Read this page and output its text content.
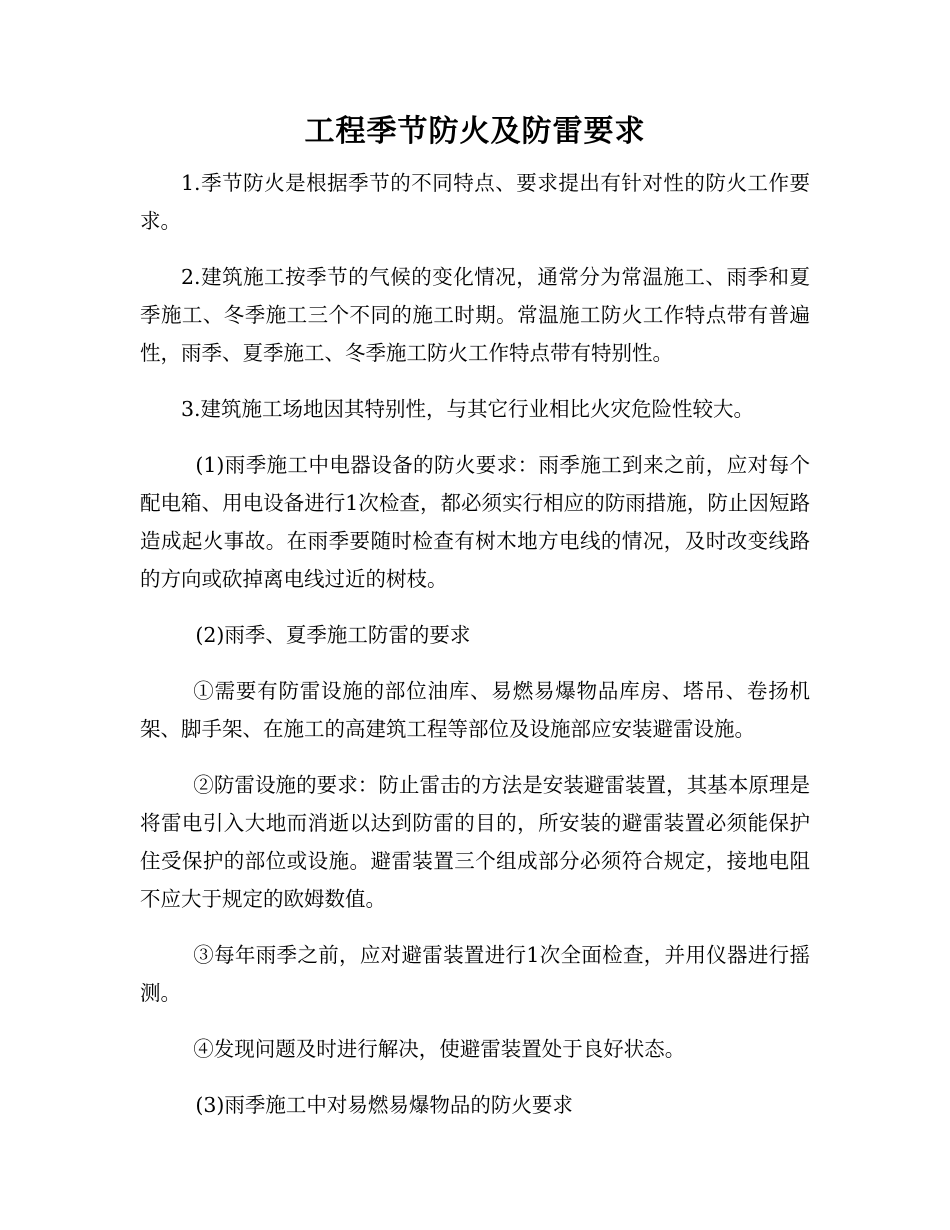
工程季节防火及防雷要求

1.季节防火是根据季节的不同特点、要求提出有针对性的防火工作要求。

2.建筑施工按季节的气候的变化情况，通常分为常温施工、雨季和夏季施工、冬季施工三个不同的施工时期。常温施工防火工作特点带有普遍性，雨季、夏季施工、冬季施工防火工作特点带有特别性。

3.建筑施工场地因其特别性，与其它行业相比火灾危险性较大。

(1)雨季施工中电器设备的防火要求：雨季施工到来之前，应对每个配电箱、用电设备进行1次检查，都必须实行相应的防雨措施，防止因短路造成起火事故。在雨季要随时检查有树木地方电线的情况，及时改变线路的方向或砍掉离电线过近的树枝。

(2)雨季、夏季施工防雷的要求

①需要有防雷设施的部位油库、易燃易爆物品库房、塔吊、卷扬机架、脚手架、在施工的高建筑工程等部位及设施部应安装避雷设施。

②防雷设施的要求：防止雷击的方法是安装避雷装置，其基本原理是将雷电引入大地而消逝以达到防雷的目的，所安装的避雷装置必须能保护住受保护的部位或设施。避雷装置三个组成部分必须符合规定，接地电阻不应大于规定的欧姆数值。

③每年雨季之前，应对避雷装置进行1次全面检查，并用仪器进行摇测。

④发现问题及时进行解决，使避雷装置处于良好状态。

(3)雨季施工中对易燃易爆物品的防火要求
